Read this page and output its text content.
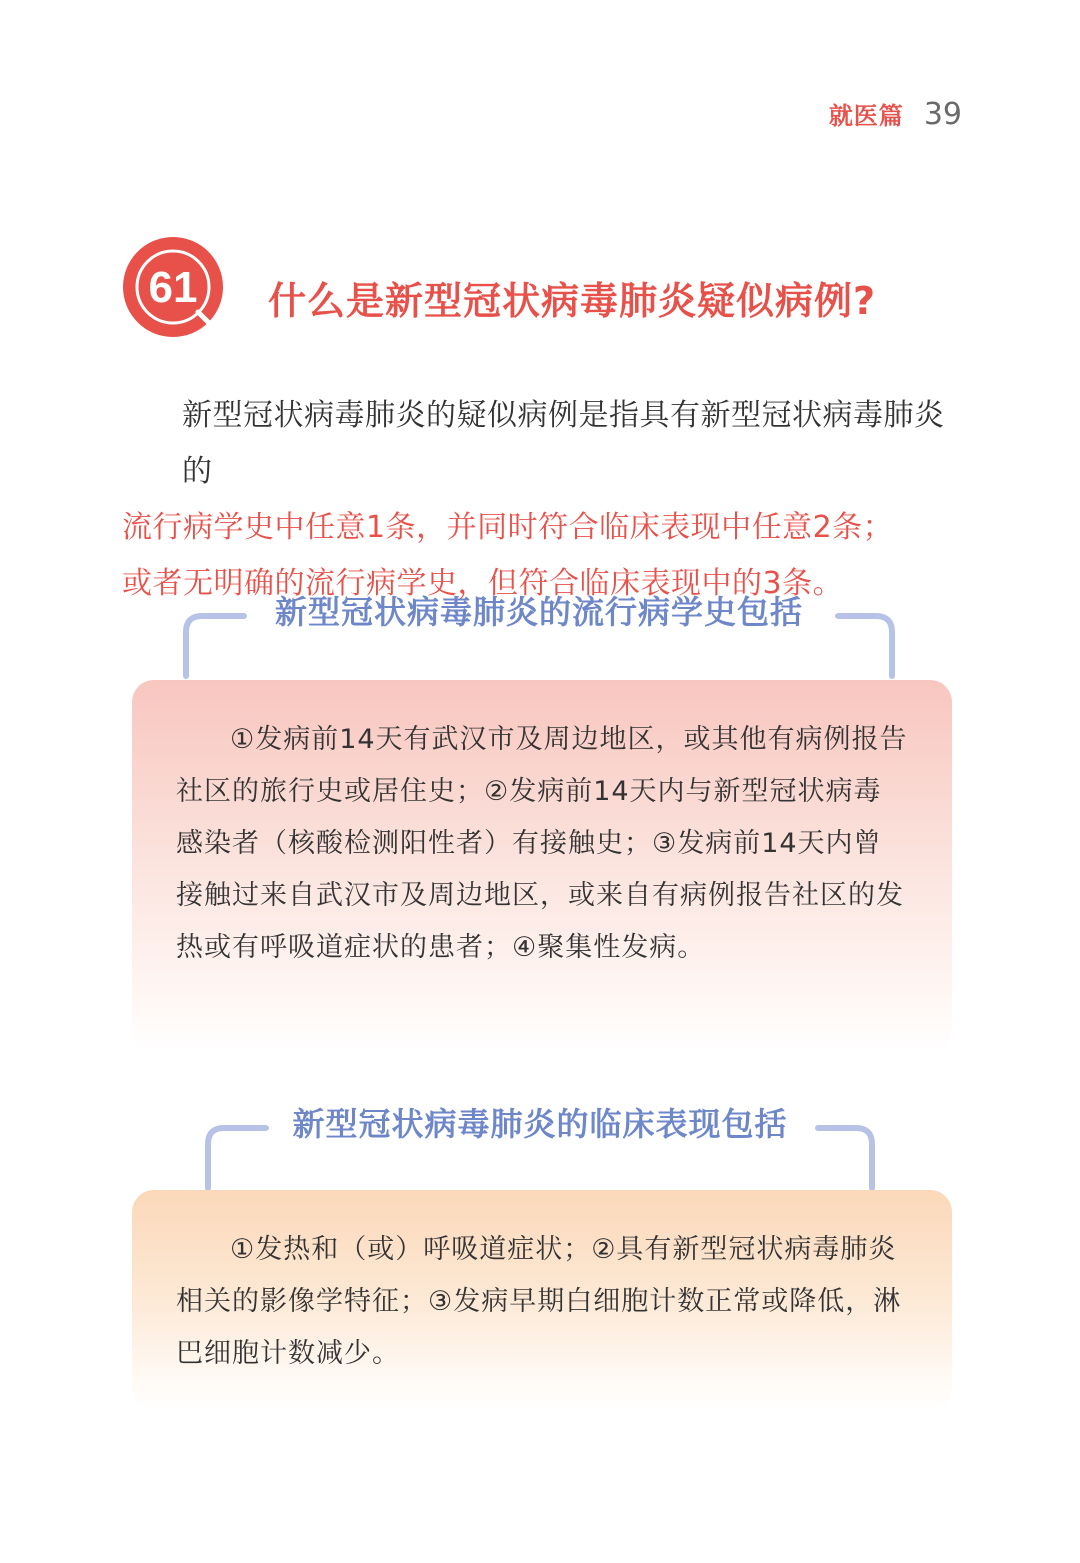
就医篇 39
61 什么是新型冠状病毒肺炎疑似病例?

新型冠状病毒肺炎的疑似病例是指具有新型冠状病毒肺炎的

流行病学史中任意1条，并同时符合临床表现中任意2条；

或者无明确的流行病学史，但符合临床表现中的3条。

新型冠状病毒肺炎的流行病学史包括

①发病前14天有武汉市及周边地区，或其他有病例报告社区的旅行史或居住史；②发病前14天内与新型冠状病毒感染者（核酸检测阳性者）有接触史；③发病前14天内曾接触过来自武汉市及周边地区，或来自有病例报告社区的发热或有呼吸道症状的患者；④聚集性发病。

新型冠状病毒肺炎的临床表现包括

①发热和（或）呼吸道症状；②具有新型冠状病毒肺炎相关的影像学特征；③发病早期白细胞计数正常或降低，淋巴细胞计数减少。
